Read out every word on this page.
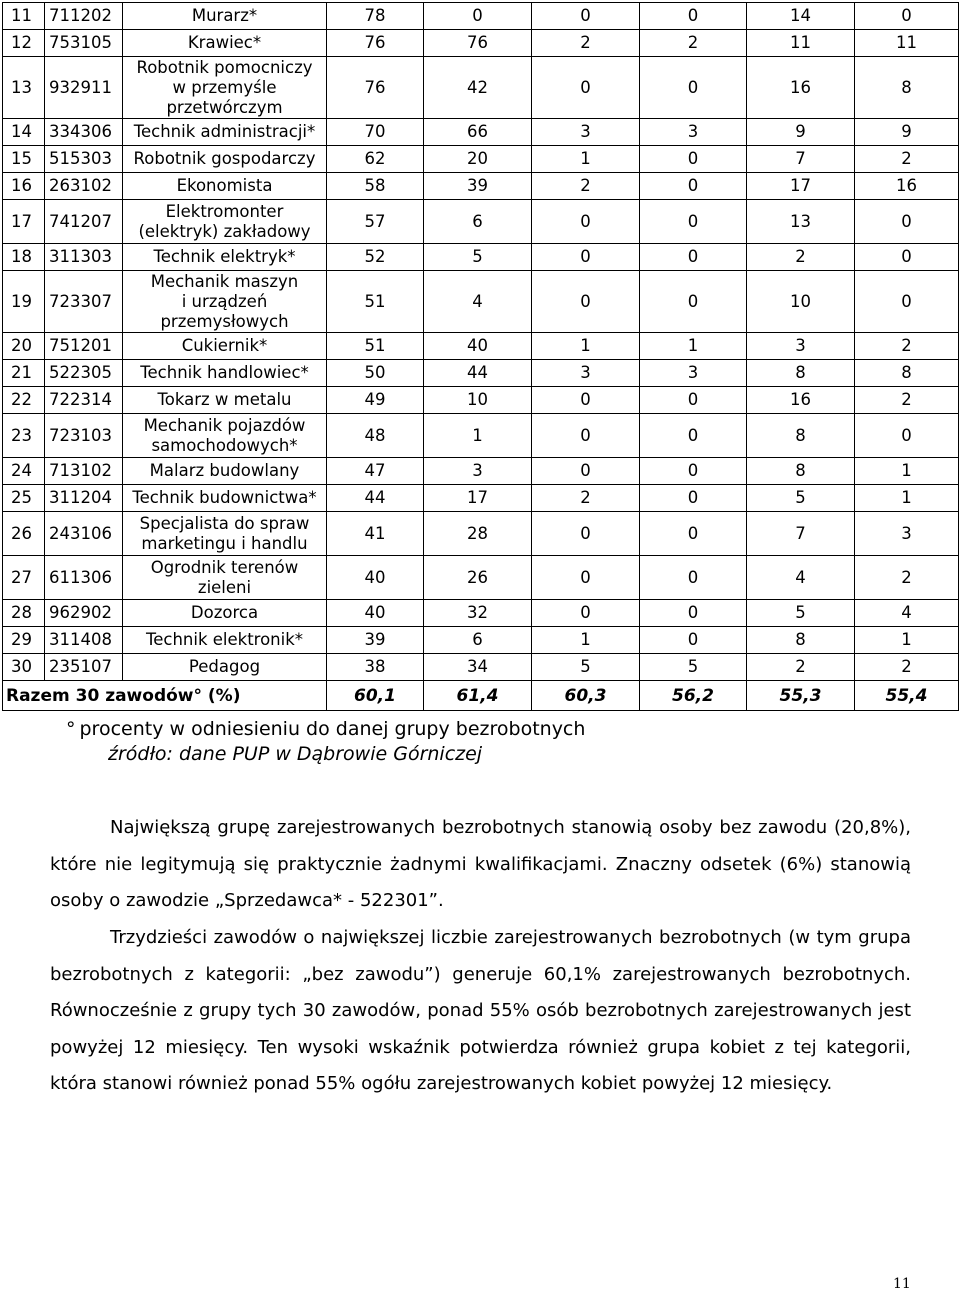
11	711202	Murarz*	78	0	0	0	14	0
12	753105	Krawiec*	76	76	2	2	11	11
13	932911	Robotnik pomocniczy
w przemyśle
przetwórczym	76	42	0	0	16	8
14	334306	Technik administracji*	70	66	3	3	9	9
15	515303	Robotnik gospodarczy	62	20	1	0	7	2
16	263102	Ekonomista	58	39	2	0	17	16
17	741207	Elektromonter
(elektryk) zakładowy	57	6	0	0	13	0
18	311303	Technik elektryk*	52	5	0	0	2	0
19	723307	Mechanik maszyn
i urządzeń
przemysłowych	51	4	0	0	10	0
20	751201	Cukiernik*	51	40	1	1	3	2
21	522305	Technik handlowiec*	50	44	3	3	8	8
22	722314	Tokarz w metalu	49	10	0	0	16	2
23	723103	Mechanik pojazdów
samochodowych*	48	1	0	0	8	0
24	713102	Malarz budowlany	47	3	0	0	8	1
25	311204	Technik budownictwa*	44	17	2	0	5	1
26	243106	Specjalista do spraw
marketingu i handlu	41	28	0	0	7	3
27	611306	Ogrodnik terenów
zieleni	40	26	0	0	4	2
28	962902	Dozorca	40	32	0	0	5	4
29	311408	Technik elektronik*	39	6	1	0	8	1
30	235107	Pedagog	38	34	5	5	2	2
Razem 30 zawodów° (%)			60,1	61,4	60,3	56,2	55,3	55,4
° procenty w odniesieniu do danej grupy bezrobotnych
źródło: dane PUP w Dąbrowie Górniczej
Największą grupę zarejestrowanych bezrobotnych stanowią osoby bez zawodu (20,8%), które nie legitymują się praktycznie żadnymi kwalifikacjami. Znaczny odsetek (6%) stanowią osoby o zawodzie „Sprzedawca* - 522301”.
Trzydzieści zawodów o największej liczbie zarejestrowanych bezrobotnych (w tym grupa bezrobotnych z kategorii: „bez zawodu”) generuje 60,1% zarejestrowanych bezrobotnych. Równocześnie z grupy tych 30 zawodów, ponad 55% osób bezrobotnych zarejestrowanych jest powyżej 12 miesięcy. Ten wysoki wskaźnik potwierdza również grupa kobiet z tej kategorii, która stanowi również ponad 55% ogółu zarejestrowanych kobiet powyżej 12 miesięcy.
11
